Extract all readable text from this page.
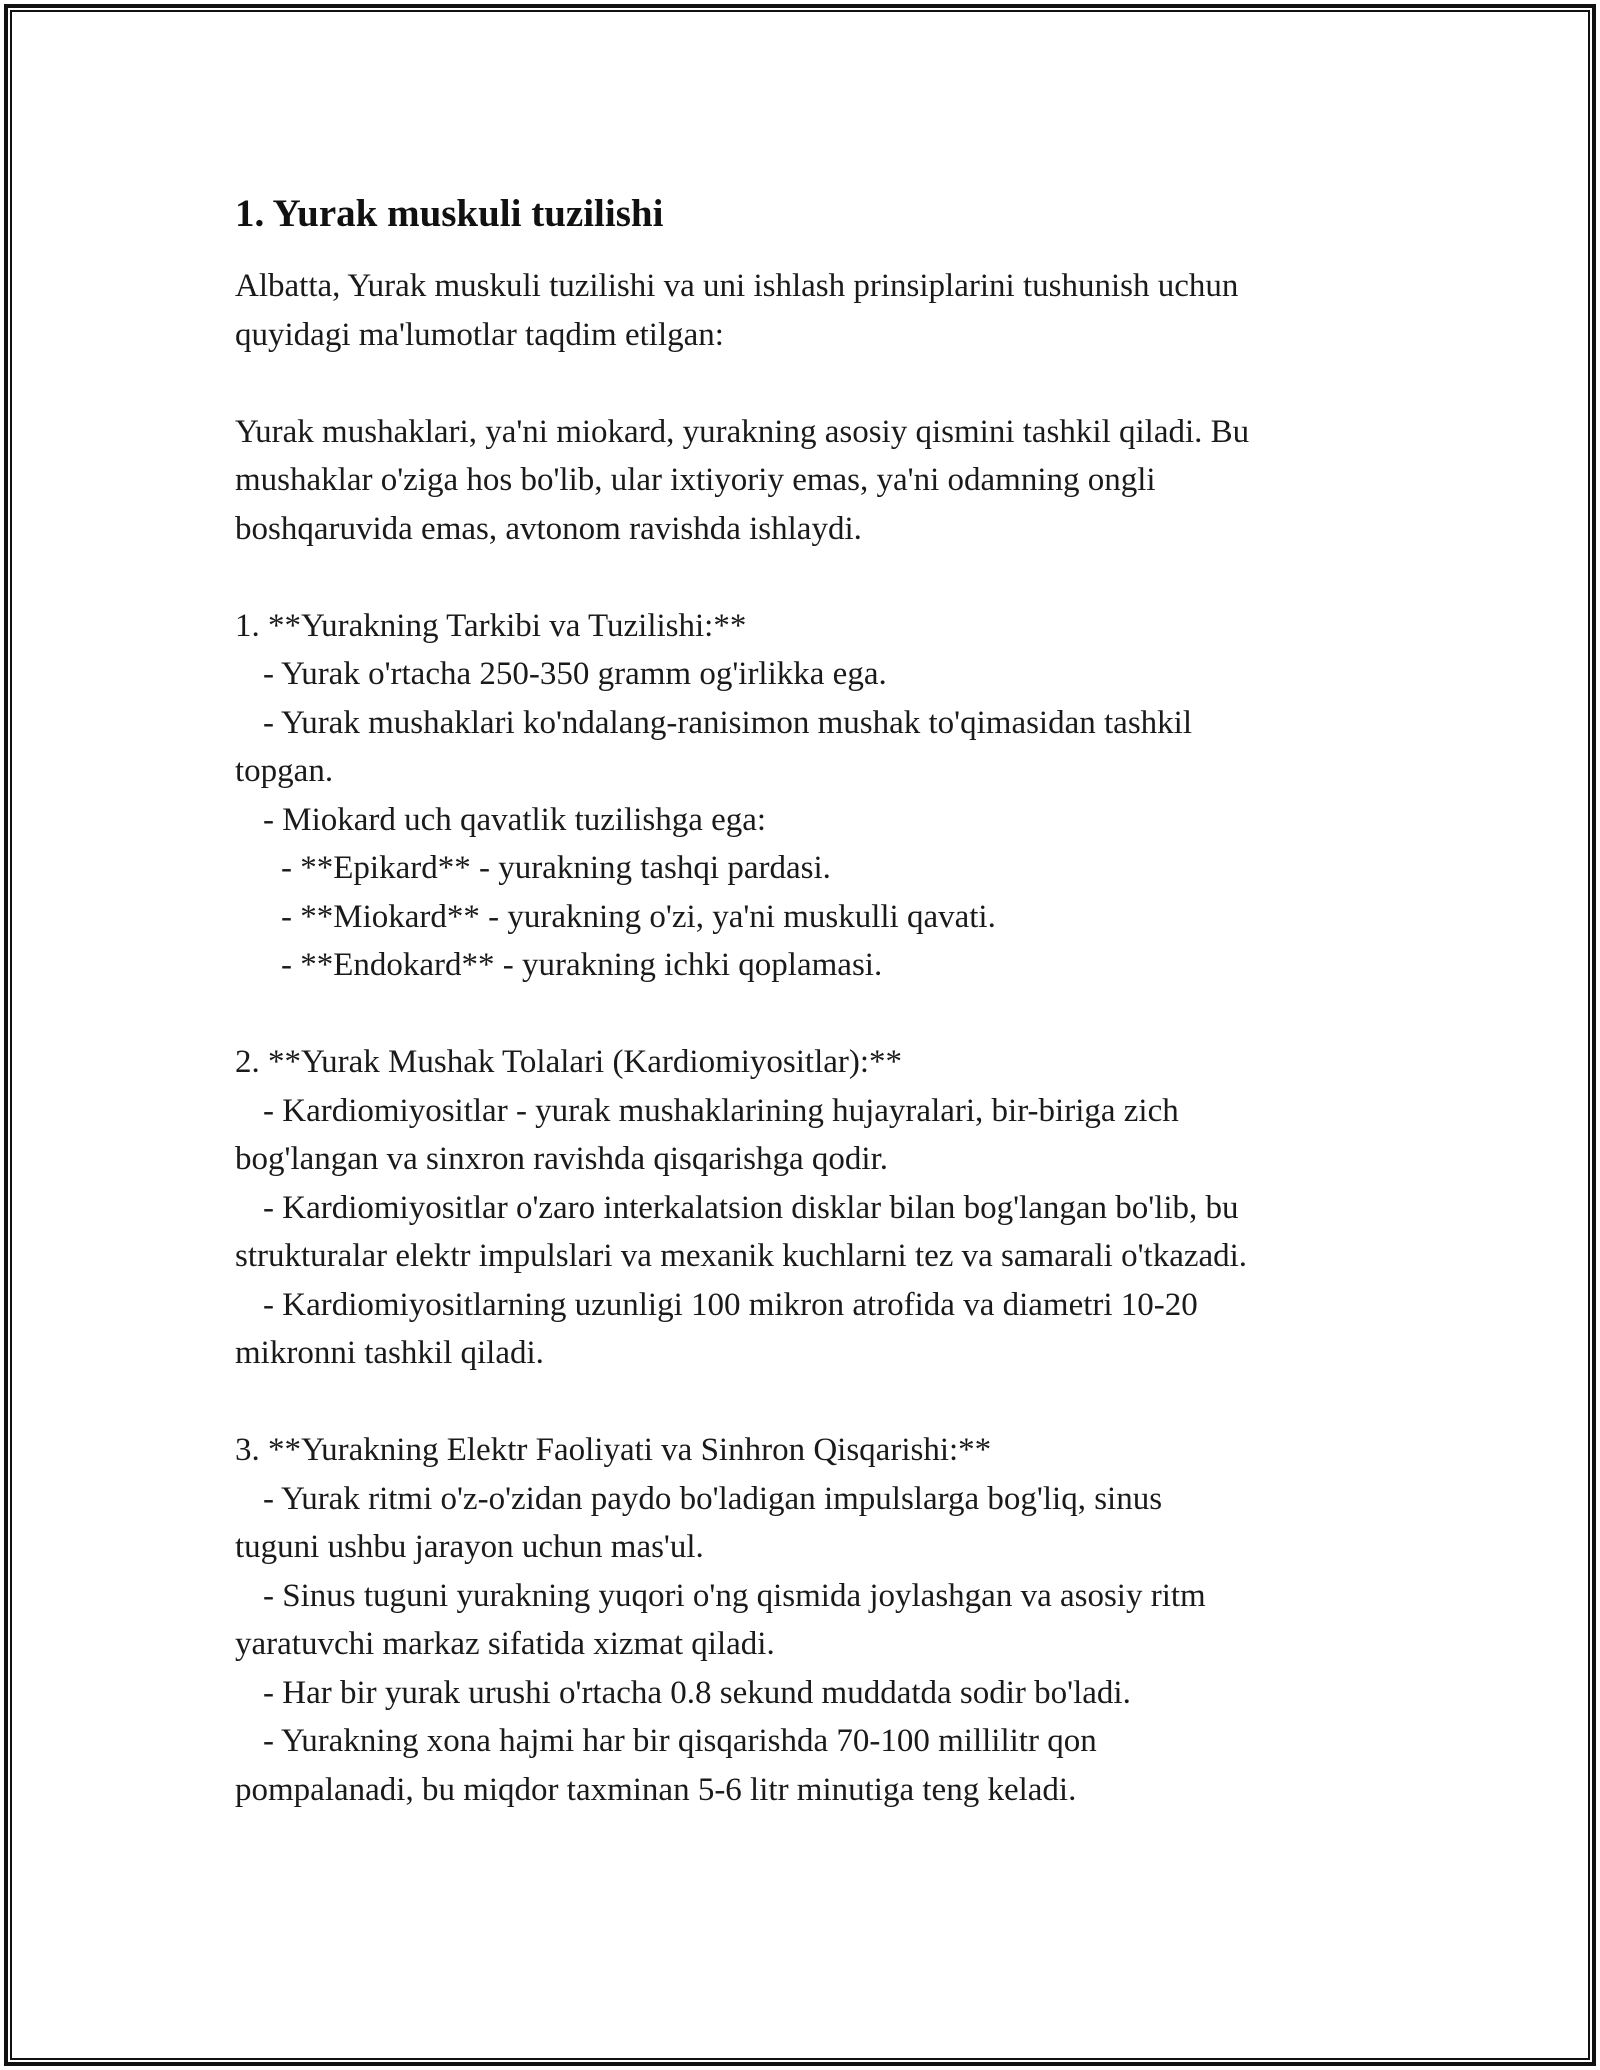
1. Yurak muskuli tuzilishi

Albatta, Yurak muskuli tuzilishi va uni ishlash prinsiplarini tushunish uchun

quyidagi ma'lumotlar taqdim etilgan:

Yurak mushaklari, ya'ni miokard, yurakning asosiy qismini tashkil qiladi. Bu

mushaklar o'ziga hos bo'lib, ular ixtiyoriy emas, ya'ni odamning ongli

boshqaruvida emas, avtonom ravishda ishlaydi.

1. **Yurakning Tarkibi va Tuzilishi:**

- Yurak o'rtacha 250-350 gramm og'irlikka ega.

- Yurak mushaklari ko'ndalang-ranisimon mushak to'qimasidan tashkil

topgan.

- Miokard uch qavatlik tuzilishga ega:

- **Epikard** - yurakning tashqi pardasi.

- **Miokard** - yurakning o'zi, ya'ni muskulli qavati.

- **Endokard** - yurakning ichki qoplamasi.

2. **Yurak Mushak Tolalari (Kardiomiyositlar):**

- Kardiomiyositlar - yurak mushaklarining hujayralari, bir-biriga zich

bog'langan va sinxron ravishda qisqarishga qodir.

- Kardiomiyositlar o'zaro interkalatsion disklar bilan bog'langan bo'lib, bu

strukturalar elektr impulslari va mexanik kuchlarni tez va samarali o'tkazadi.

- Kardiomiyositlarning uzunligi 100 mikron atrofida va diametri 10-20

mikronni tashkil qiladi.

3. **Yurakning Elektr Faoliyati va Sinhron Qisqarishi:**

- Yurak ritmi o'z-o'zidan paydo bo'ladigan impulslarga bog'liq, sinus

tuguni ushbu jarayon uchun mas'ul.

- Sinus tuguni yurakning yuqori o'ng qismida joylashgan va asosiy ritm

yaratuvchi markaz sifatida xizmat qiladi.

- Har bir yurak urushi o'rtacha 0.8 sekund muddatda sodir bo'ladi.

- Yurakning xona hajmi har bir qisqarishda 70-100 millilitr qon

pompalanadi, bu miqdor taxminan 5-6 litr minutiga teng keladi.
